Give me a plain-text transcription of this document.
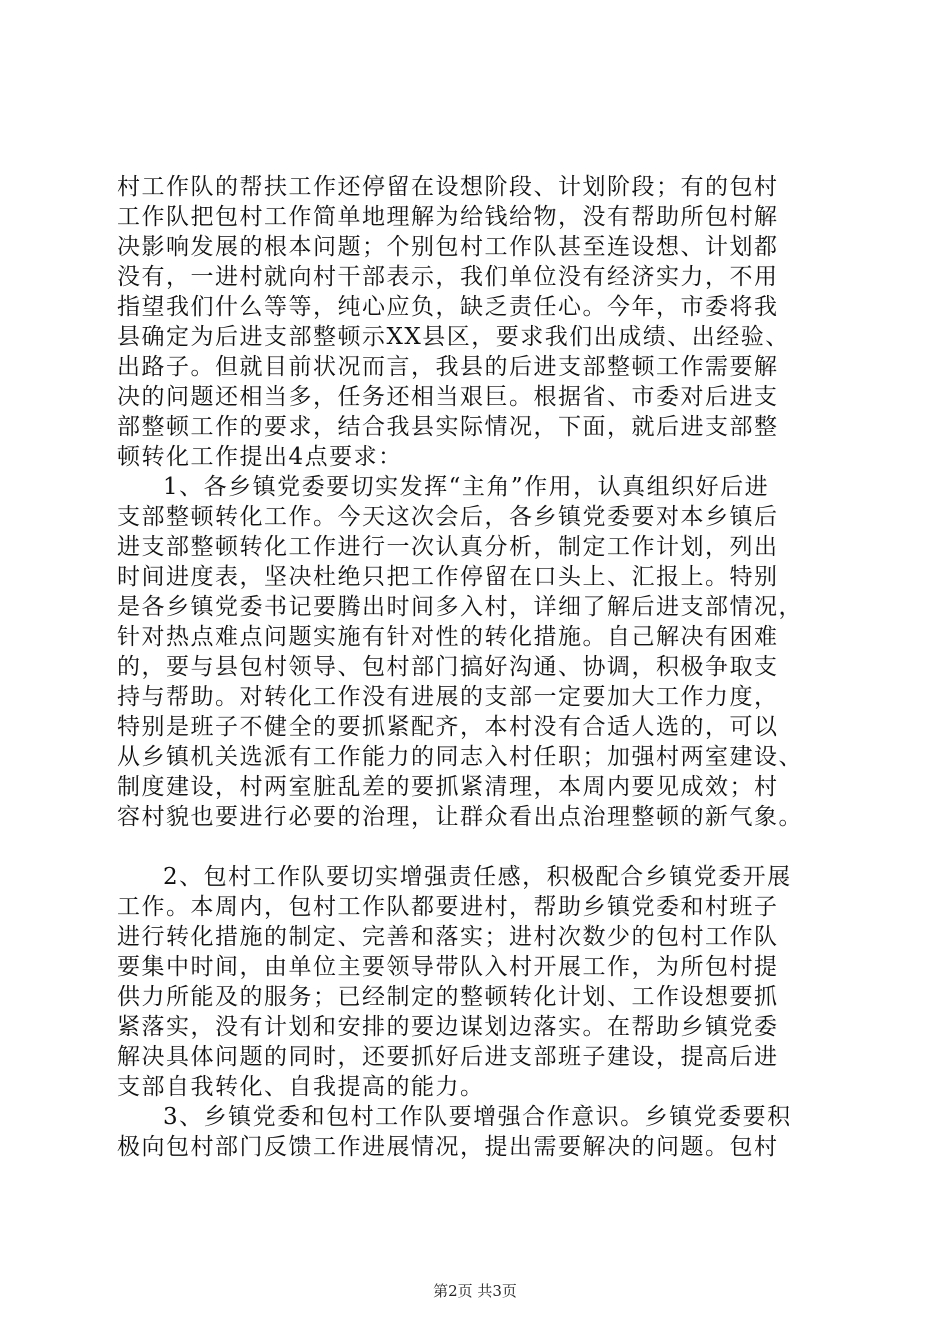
村工作队的帮扶工作还停留在设想阶段、计划阶段；有的包村
工作队把包村工作简单地理解为给钱给物，没有帮助所包村解
决影响发展的根本问题；个别包村工作队甚至连设想、计划都
没有，一进村就向村干部表示，我们单位没有经济实力，不用
指望我们什么等等，纯心应负，缺乏责任心。今年，市委将我
县确定为后进支部整顿示XX县区，要求我们出成绩、出经验、
出路子。但就目前状况而言，我县的后进支部整顿工作需要解
决的问题还相当多，任务还相当艰巨。根据省、市委对后进支
部整顿工作的要求，结合我县实际情况，下面，就后进支部整
顿转化工作提出4点要求：
1、各乡镇党委要切实发挥“主角”作用，认真组织好后进
支部整顿转化工作。今天这次会后，各乡镇党委要对本乡镇后
进支部整顿转化工作进行一次认真分析，制定工作计划，列出
时间进度表，坚决杜绝只把工作停留在口头上、汇报上。特别
是各乡镇党委书记要腾出时间多入村，详细了解后进支部情况，
针对热点难点问题实施有针对性的转化措施。自己解决有困难
的，要与县包村领导、包村部门搞好沟通、协调，积极争取支
持与帮助。对转化工作没有进展的支部一定要加大工作力度，
特别是班子不健全的要抓紧配齐，本村没有合适人选的，可以
从乡镇机关选派有工作能力的同志入村任职；加强村两室建设、
制度建设，村两室脏乱差的要抓紧清理，本周内要见成效；村
容村貌也要进行必要的治理，让群众看出点治理整顿的新气象。
2、包村工作队要切实增强责任感，积极配合乡镇党委开展
工作。本周内，包村工作队都要进村，帮助乡镇党委和村班子
进行转化措施的制定、完善和落实；进村次数少的包村工作队
要集中时间，由单位主要领导带队入村开展工作，为所包村提
供力所能及的服务；已经制定的整顿转化计划、工作设想要抓
紧落实，没有计划和安排的要边谋划边落实。在帮助乡镇党委
解决具体问题的同时，还要抓好后进支部班子建设，提高后进
支部自我转化、自我提高的能力。
3、乡镇党委和包村工作队要增强合作意识。乡镇党委要积
极向包村部门反馈工作进展情况，提出需要解决的问题。包村
第2页 共3页
